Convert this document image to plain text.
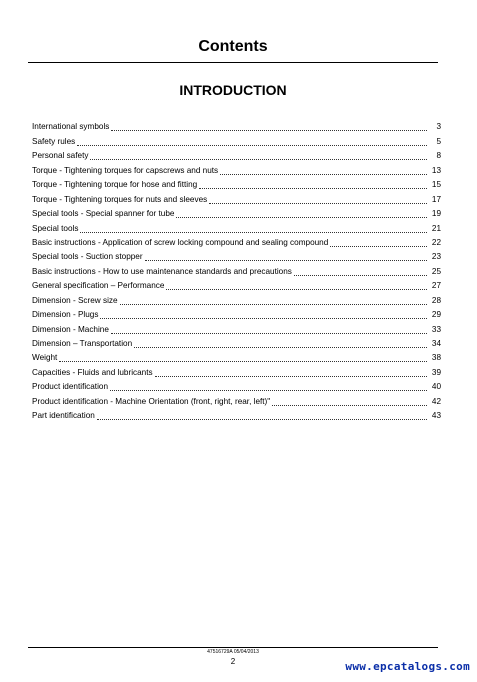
Contents
INTRODUCTION
International symbols	3
Safety rules	5
Personal safety	8
Torque - Tightening torques for capscrews and nuts	13
Torque - Tightening torque for hose and fitting	15
Torque - Tightening torques for nuts and sleeves	17
Special tools - Special spanner for tube	19
Special tools	21
Basic instructions - Application of screw locking compound and sealing compound	22
Special tools - Suction stopper	23
Basic instructions - How to use maintenance standards and precautions	25
General specification – Performance	27
Dimension - Screw size	28
Dimension - Plugs	29
Dimension - Machine	33
Dimension – Transportation	34
Weight	38
Capacities - Fluids and lubricants	39
Product identification	40
Product identification - Machine Orientation (front, right, rear, left)"	42
Part identification	43
47516729A 05/04/2013
2	www.epcatalogs.com
